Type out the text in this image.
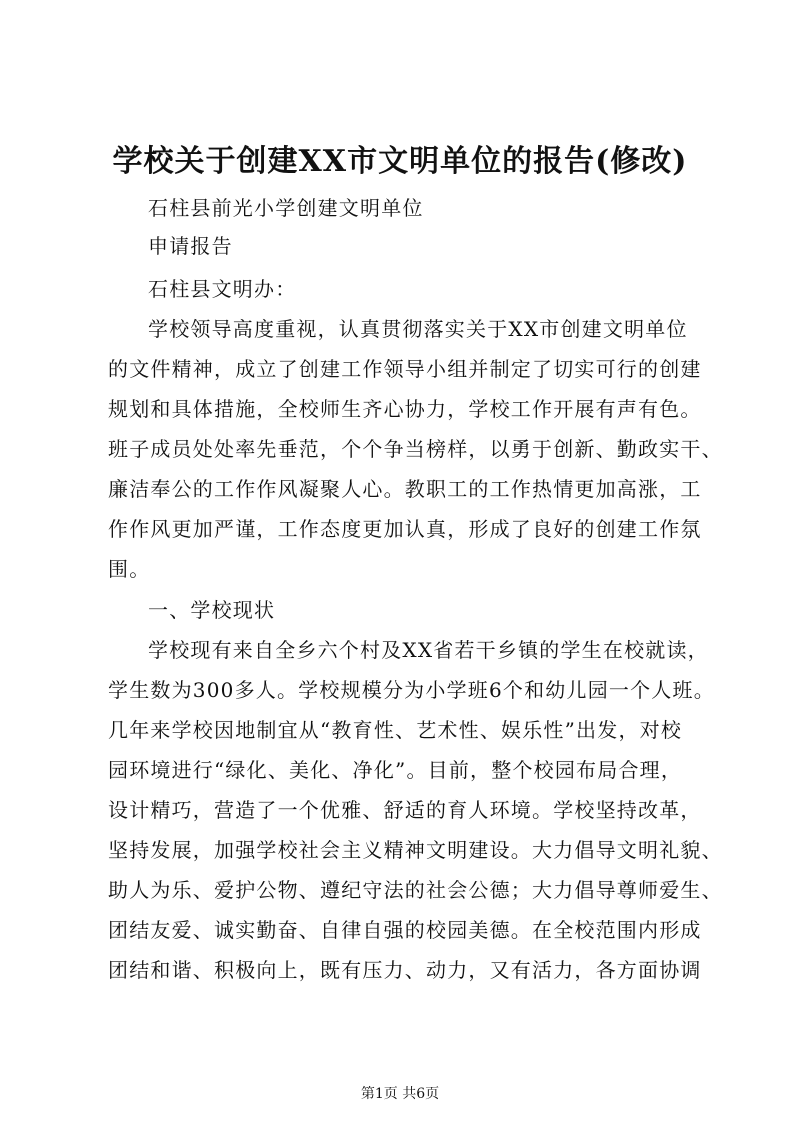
学校关于创建XX市文明单位的报告(修改)
石柱县前光小学创建文明单位
申请报告
石柱县文明办：
学校领导高度重视，认真贯彻落实关于XX市创建文明单位
的文件精神，成立了创建工作领导小组并制定了切实可行的创建
规划和具体措施，全校师生齐心协力，学校工作开展有声有色。
班子成员处处率先垂范，个个争当榜样，以勇于创新、勤政实干、
廉洁奉公的工作作风凝聚人心。教职工的工作热情更加高涨，工
作作风更加严谨，工作态度更加认真，形成了良好的创建工作氛
围。
一、学校现状
学校现有来自全乡六个村及XX省若干乡镇的学生在校就读，
学生数为300多人。学校规模分为小学班6个和幼儿园一个人班。
几年来学校因地制宜从“教育性、艺术性、娱乐性”出发，对校
园环境进行“绿化、美化、净化”。目前，整个校园布局合理，
设计精巧，营造了一个优雅、舒适的育人环境。学校坚持改革，
坚持发展，加强学校社会主义精神文明建设。大力倡导文明礼貌、
助人为乐、爱护公物、遵纪守法的社会公德；大力倡导尊师爱生、
团结友爱、诚实勤奋、自律自强的校园美德。在全校范围内形成
团结和谐、积极向上，既有压力、动力，又有活力，各方面协调
第1页 共6页
